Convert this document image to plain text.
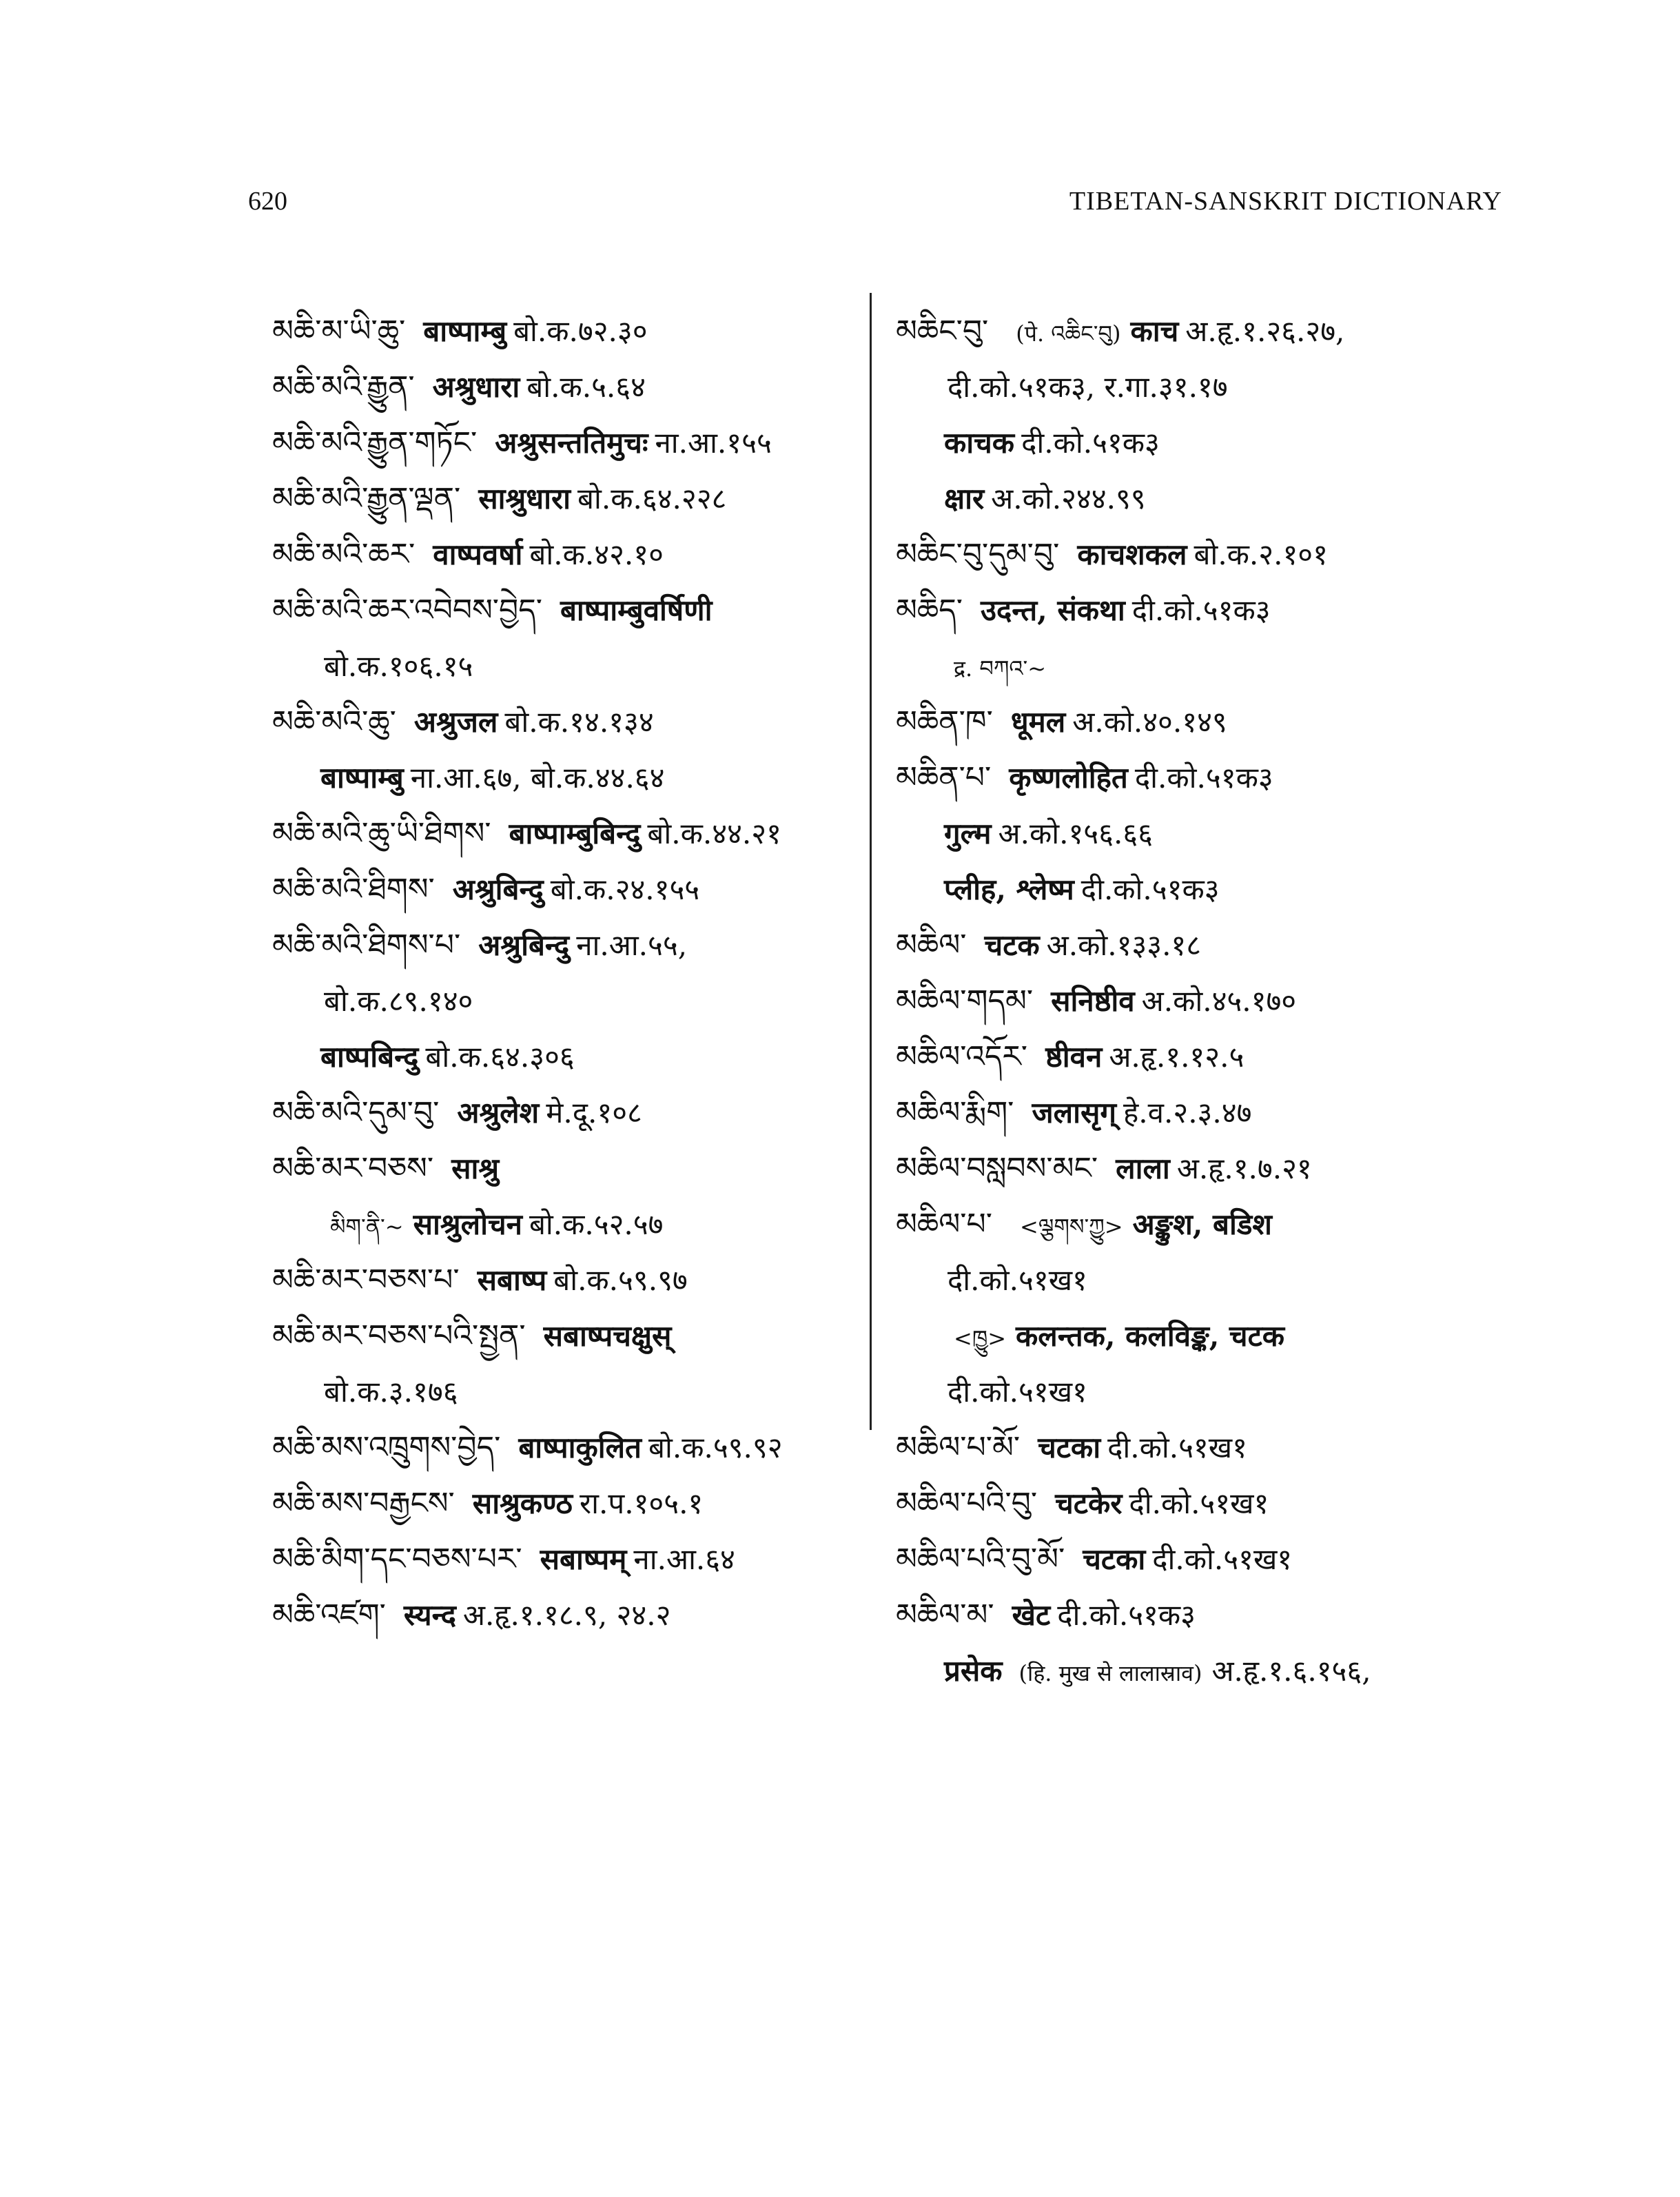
620	TIBETAN-SANSKRIT DICTIONARY
མཆི་མ་ཡི་ཆུ་ बाष्पाम्बु बो.क.७२.३०
མཆི་མའི་རྒྱུན་ अश्रुधारा बो.क.५.६४
མཆི་མའི་རྒྱུན་གཏོང་ अश्रुसन्ततिमुचः ना.आ.१५५
མཆི་མའི་རྒྱུན་ལྡན་ साश्रुधारा बो.क.६४.२२८
མཆི་མའི་ཆར་ वाष्पवर्षा बो.क.४२.१०
མཆི་མའི་ཆར་འབེབས་བྱེད་ बाष्पाम्बुवर्षिणी
बो.क.१०६.१५
མཆི་མའི་ཆུ་ अश्रुजल बो.क.१४.१३४
बाष्पाम्बु ना.आ.६७, बो.क.४४.६४
མཆི་མའི་ཆུ་ཡི་ཐིགས་ बाष्पाम्बुबिन्दु बो.क.४४.२१
མཆི་མའི་ཐིགས་ अश्रुबिन्दु बो.क.२४.१५५
མཆི་མའི་ཐིགས་པ་ अश्रुबिन्दु ना.आ.५५,
बो.क.८९.१४०
बाष्पबिन्दु बो.क.६४.३०६
མཆི་མའི་དུམ་བུ་ अश्रुलेश मे.दू.१०८
མཆི་མར་བཅས་ साश्रु
མིག་ནི་~ साश्रुलोचन बो.क.५२.५७
མཆི་མར་བཅས་པ་ सबाष्प बो.क.५९.९७
མཆི་མར་བཅས་པའི་སྤྱན་ सबाष्पचक्षुस्
बो.क.३.१७६
མཆི་མས་འཁྲུགས་བྱེད་ बाष्पाकुलित बो.क.५९.९२
མཆི་མས་བརྒྱངས་ साश्रुकण्ठ रा.प.१०५.१
མཆི་མིག་དང་བཅས་པར་ सबाष्पम् ना.आ.६४
མཆི་འཛག་ स्यन्द अ.हृ.१.१८.९, २४.२
མཆིང་བུ་ (पे. འཆིང་བུ) काच अ.हृ.१.२६.२७,
दी.को.५१क३, र.गा.३१.१७
काचक दी.को.५१क३
क्षार अ.को.२४४.९९
མཆིང་བུ་དུམ་བུ་ काचशकल बो.क.२.१०१
མཆིད་ उदन्त, संकथा दी.को.५१क३
द्र. བཀའ་~
མཆིན་ཁ་ धूमल अ.को.४०.१४९
མཆིན་པ་ कृष्णलोहित दी.को.५१क३
गुल्म अ.को.१५६.६६
प्लीह, श्लेष्म दी.को.५१क३
མཆིལ་ चटक अ.को.१३३.१८
མཆིལ་གདམ་ सनिष्ठीव अ.को.४५.१७०
མཆིལ་འདོར་ ष्ठीवन अ.हृ.१.१२.५
མཆིལ་རྨིག་ जलासृग् हे.व.२.३.४७
མཆིལ་བསླབས་མང་ लाला अ.हृ.१.७.२१
མཆིལ་པ་ <ལྕགས་ཀྱུ> अङ्कुश, बडिश
दी.को.५१ख१
<ཁྱུ> कलन्तक, कलविङ्क, चटक
दी.को.५१ख१
མཆིལ་པ་མོ་ चटका दी.को.५१ख१
མཆིལ་པའི་བུ་ चटकेर दी.को.५१ख१
མཆིལ་པའི་བུ་མོ་ चटका दी.को.५१ख१
མཆིལ་མ་ खेट दी.को.५१क३
प्रसेक (हि. मुख से लालास्राव) अ.हृ.१.६.१५६,
